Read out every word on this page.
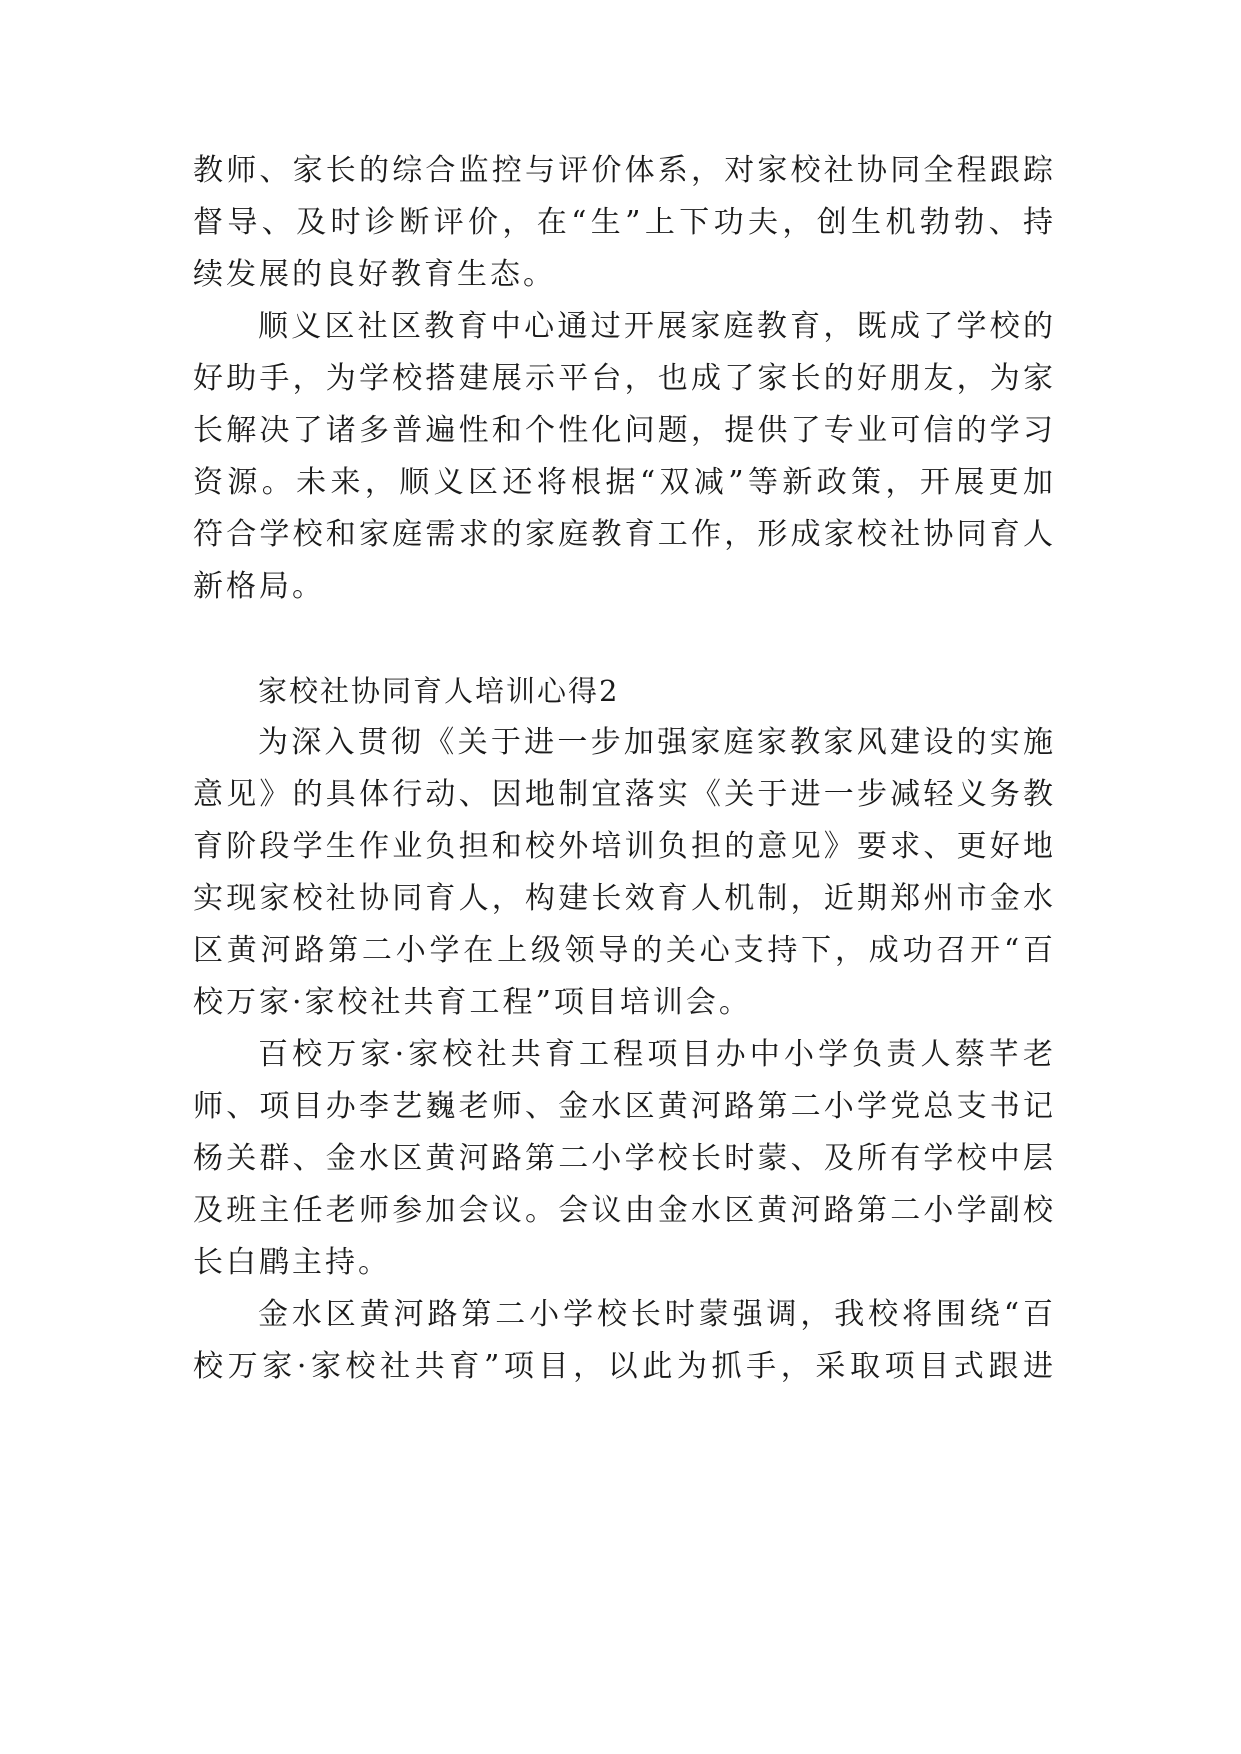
教师、家长的综合监控与评价体系，对家校社协同全程跟踪

督导、及时诊断评价，在“生”上下功夫，创生机勃勃、持

续发展的良好教育生态。

顺义区社区教育中心通过开展家庭教育，既成了学校的

好助手，为学校搭建展示平台，也成了家长的好朋友，为家

长解决了诸多普遍性和个性化问题，提供了专业可信的学习

资源。未来，顺义区还将根据“双减”等新政策，开展更加

符合学校和家庭需求的家庭教育工作，形成家校社协同育人

新格局。

家校社协同育人培训心得2

为深入贯彻《关于进一步加强家庭家教家风建设的实施

意见》的具体行动、因地制宜落实《关于进一步减轻义务教

育阶段学生作业负担和校外培训负担的意见》要求、更好地

实现家校社协同育人，构建长效育人机制，近期郑州市金水

区黄河路第二小学在上级领导的关心支持下，成功召开“百

校万家·家校社共育工程”项目培训会。

百校万家·家校社共育工程项目办中小学负责人蔡芊老

师、项目办李艺巍老师、金水区黄河路第二小学党总支书记

杨关群、金水区黄河路第二小学校长时蒙、及所有学校中层

及班主任老师参加会议。会议由金水区黄河路第二小学副校

长白鹛主持。

金水区黄河路第二小学校长时蒙强调，我校将围绕“百

校万家·家校社共育”项目，以此为抓手，采取项目式跟进
